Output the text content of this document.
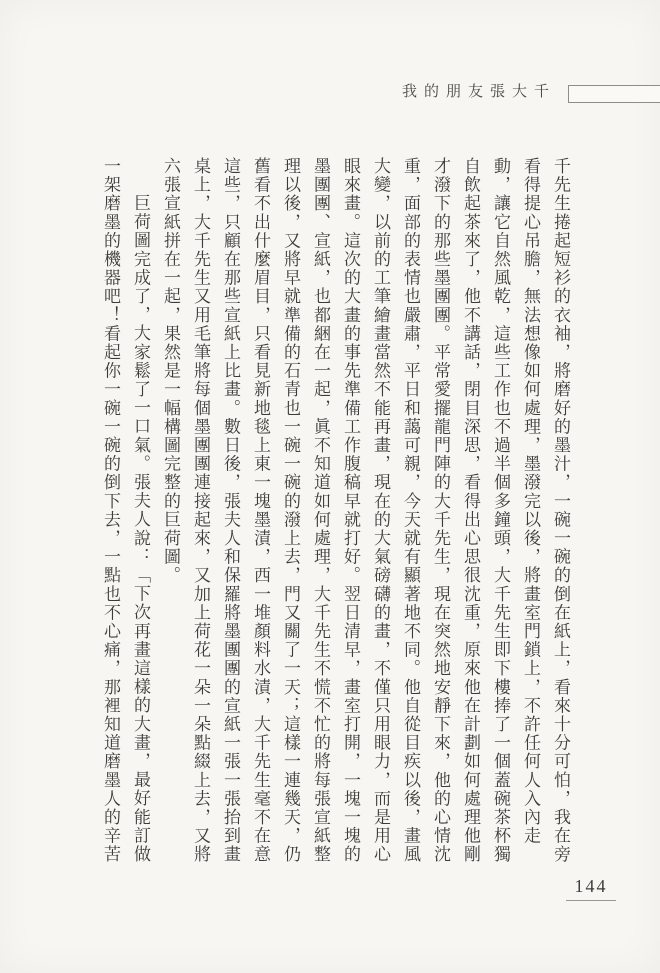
我的朋友張大千

千先生捲起短衫的衣袖，將磨好的墨汁，一碗一碗的倒在紙上，看來十分可怕，我在旁看得提心吊膽，無法想像如何處理，墨潑完以後，將畫室門鎖上，不許任何人入內走動，讓它自然風乾，這些工作也不過半個多鐘頭，大千先生即下樓捧了一個蓋碗茶杯獨自飲起茶來了，他不講話，閉目深思，看得出心思很沈重，原來他在計劃如何處理他剛才潑下的那些墨團團。平常愛擺龍門陣的大千先生，現在突然地安靜下來，他的心情沈重，面部的表情也嚴肅，平日和藹可親，今天就有顯著地不同。他自從目疾以後，畫風大變，以前的工筆繪畫當然不能再畫，現在的大氣磅礴的畫，不僅只用眼力，而是用心眼來畫。這次的大畫的事先準備工作腹稿早就打好。翌日清早，畫室打開，一塊一塊的墨團團、宣紙，也都綑在一起，眞不知道如何處理，大千先生不慌不忙的將每張宣紙整理以後，又將早就準備的石青也一碗一碗的潑上去，門又關了一天；這樣一連幾天，仍舊看不出什麼眉目，只看見新地毯上東一塊墨漬，西一堆顏料水漬，大千先生毫不在意這些，只顧在那些宣紙上比畫。數日後，張夫人和保羅將墨團團的宣紙一張一張抬到畫桌上，大千先生又用毛筆將每個墨團團連接起來，又加上荷花一朵一朵點綴上去，又將六張宣紙拼在一起，果然是一幅構圖完整的巨荷圖。

巨荷圖完成了，大家鬆了一口氣。張夫人說：「下次再畫這樣的大畫，最好能訂做一架磨墨的機器吧！看起你一碗一碗的倒下去，一點也不心痛，那裡知道磨墨人的辛苦

144
